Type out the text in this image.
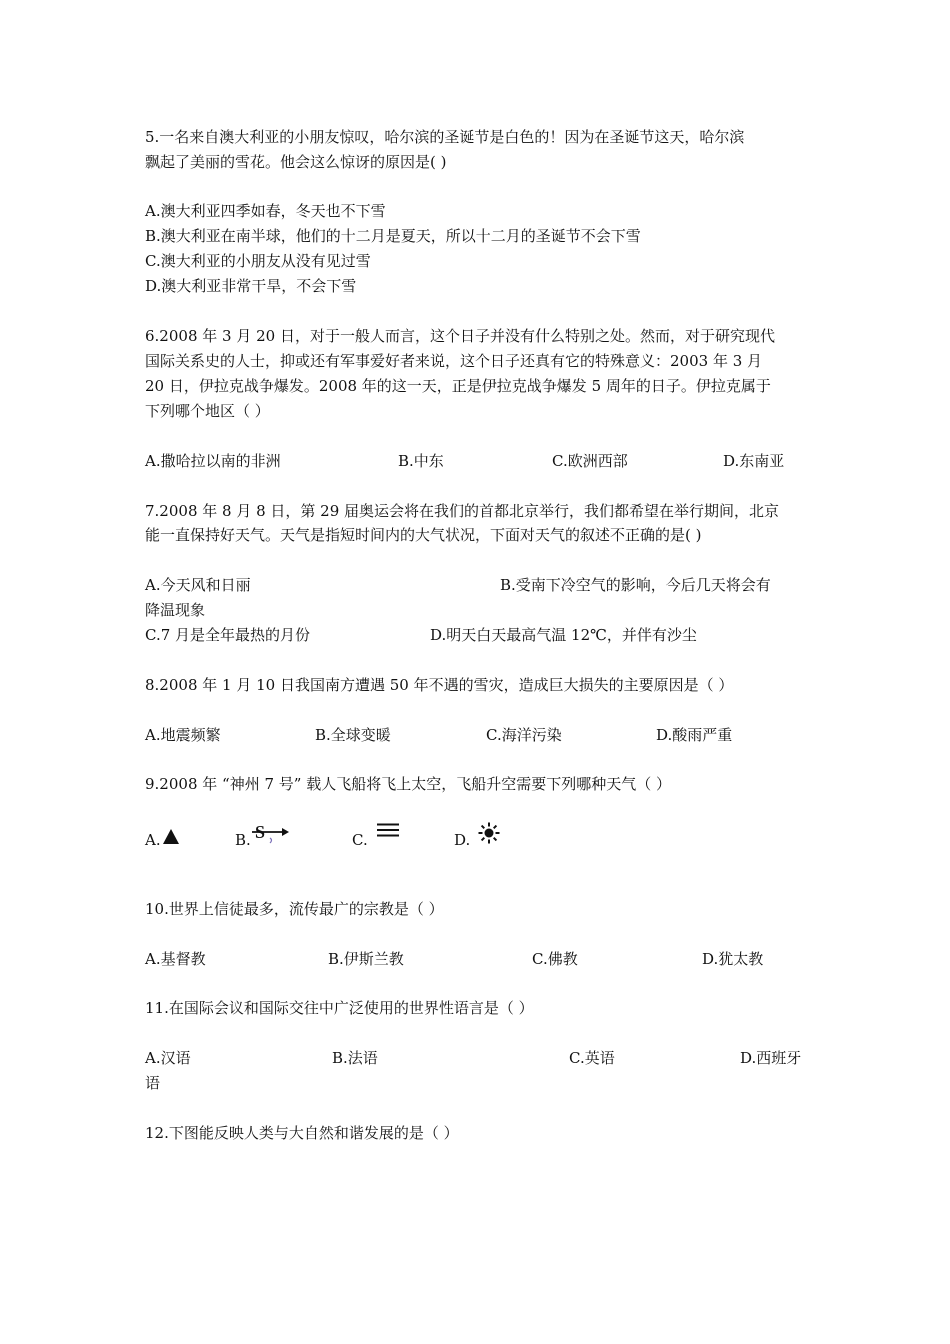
5.一名来自澳大利亚的小朋友惊叹，哈尔滨的圣诞节是白色的！因为在圣诞节这天，哈尔滨
飘起了美丽的雪花。他会这么惊讶的原因是( )
A.澳大利亚四季如春，冬天也不下雪
B.澳大利亚在南半球，他们的十二月是夏天，所以十二月的圣诞节不会下雪
C.澳大利亚的小朋友从没有见过雪
D.澳大利亚非常干旱，不会下雪
6.2008 年 3 月 20 日，对于一般人而言，这个日子并没有什么特别之处。然而，对于研究现代
国际关系史的人士，抑或还有军事爱好者来说，这个日子还真有它的特殊意义：2003 年 3 月
20 日，伊拉克战争爆发。2008 年的这一天，正是伊拉克战争爆发 5 周年的日子。伊拉克属于
下列哪个地区（ ）
A.撒哈拉以南的非洲	B.中东	C.欧洲西部	D.东南亚
7.2008 年 8 月 8 日，第 29 届奥运会将在我们的首都北京举行，我们都希望在举行期间，北京
能一直保持好天气。天气是指短时间内的大气状况，下面对天气的叙述不正确的是( )
A.今天风和日丽	B.受南下冷空气的影响，今后几天将会有
降温现象
C.7 月是全年最热的月份	D.明天白天最高气温 12℃，并伴有沙尘
8.2008 年 1 月 10 日我国南方遭遇 50 年不遇的雪灾，造成巨大损失的主要原因是（ ）
A.地震频繁	B.全球变暖	C.海洋污染	D.酸雨严重
9.2008 年 “神州 7 号” 载人飞船将飞上太空，飞船升空需要下列哪种天气（ ）
A.	B. S	C.	D.
10.世界上信徒最多，流传最广的宗教是（ ）
A.基督教	B.伊斯兰教	C.佛教	D.犹太教
11.在国际会议和国际交往中广泛使用的世界性语言是（ ）
A.汉语	B.法语	C.英语	D.西班牙
语
12.下图能反映人类与大自然和谐发展的是（ ）
